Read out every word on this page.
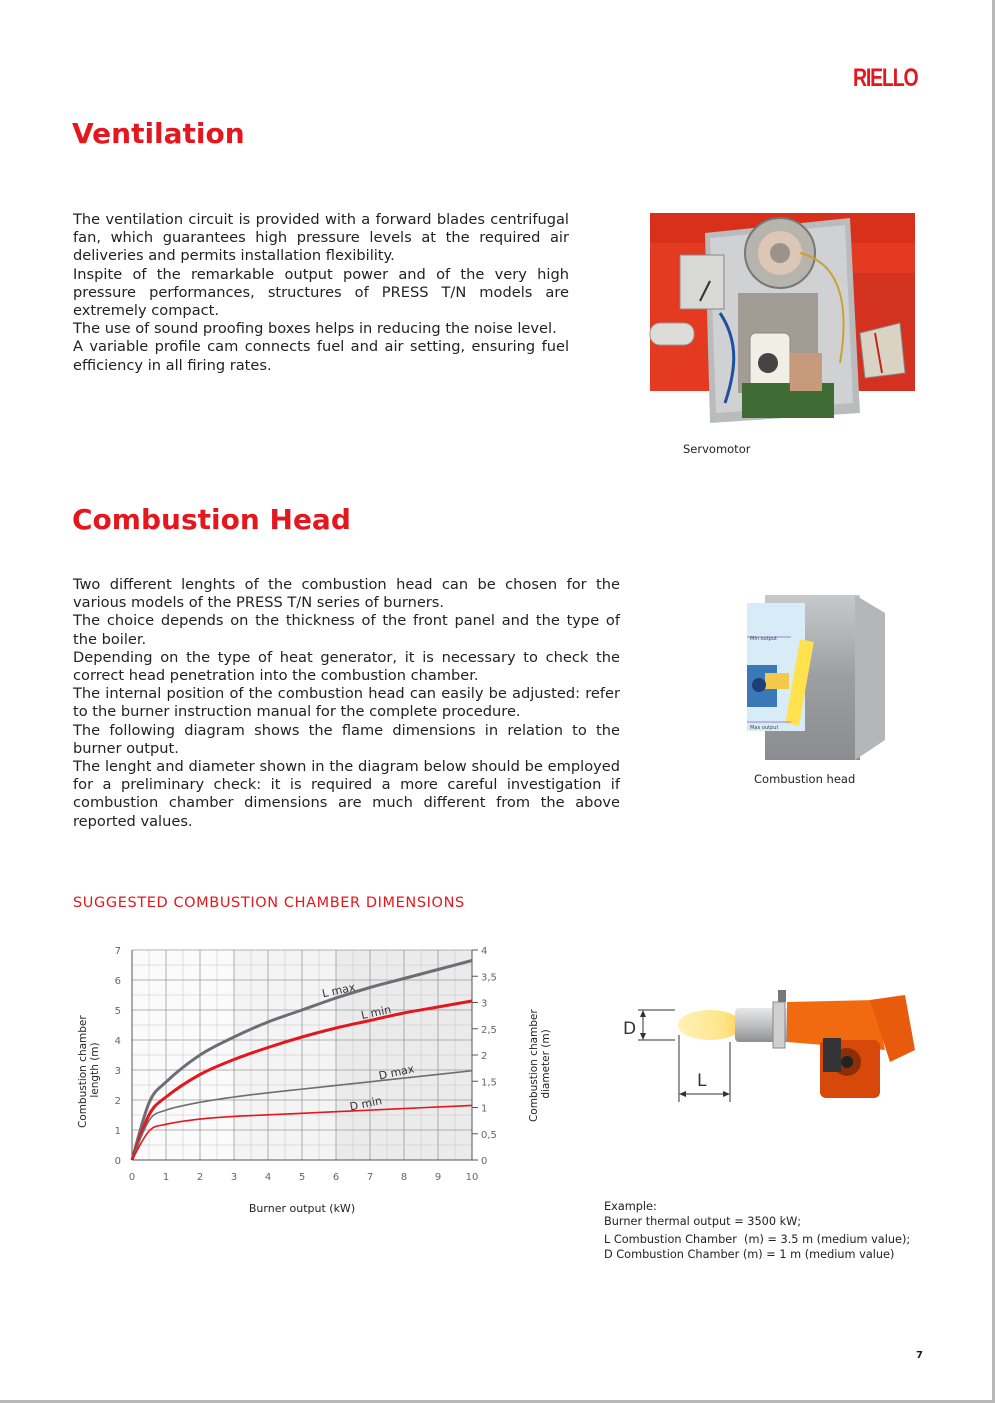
RIELLO
Ventilation

The ventilation circuit is provided with a forward blades centrifugal fan, which guarantees high pressure levels at the required air deliveries and permits installation flexibility.

Inspite of the remarkable output power and of the very high pressure performances, structures of PRESS T/N models are extremely compact.

The use of sound proofing boxes helps in reducing the noise level.

A variable profile cam connects fuel and air setting, ensuring fuel efficiency in all firing rates.

Servomotor
Combustion Head

Two different lenghts of the combustion head can be chosen for the various models of the PRESS T/N series of burners.

The choice depends on the thickness of the front panel and the type of the boiler.

Depending on the type of heat generator, it is necessary to check the correct head penetration into the combustion chamber.

The internal position of the combustion head can easily be adjusted: refer to the burner instruction manual for the complete procedure.

The following diagram shows the flame dimensions in relation to the burner output.

The lenght and diameter shown in the diagram below should be employed for a preliminary check: it is required a more careful investigation if combustion chamber dimensions are much different from the above reported values.

Min output
Max output
Combustion head
SUGGESTED COMBUSTION CHAMBER DIMENSIONS
0	1	2	3	4	5	6	7	8	9 10
0
1
2
3
4
5
6
7
0
0,5
1
1,5
2
2,5
3
3,5
4
L max
L min
D max
D min
Burner output (kW)
Combustion chamber length (m)	Combustion chamber diameter (m)
D
L
Example:
Burner thermal output = 3500 kW;
L Combustion Chamber  (m) = 3.5 m (medium value);
D Combustion Chamber (m) = 1 m (medium value)
7
